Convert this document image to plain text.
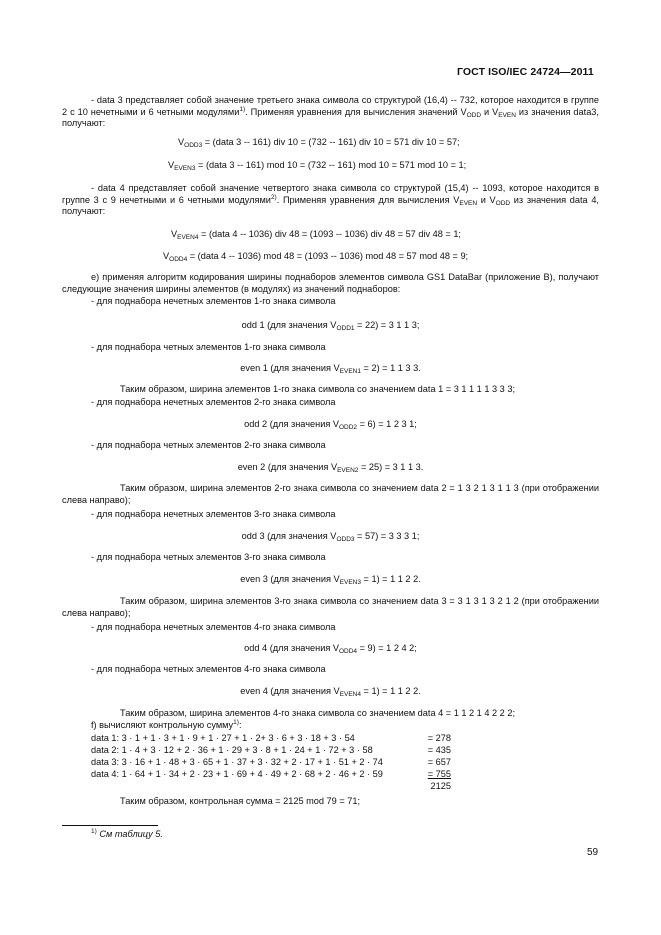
ГОСТ ISO/IEC 24724—2011
- data 3 представляет собой значение третьего знака символа со структурой (16,4) -- 732, которое находится в группе 2 с 10 нечетными и 6 четными модулями$^{1)}$. Применяя уравнения для вычисления значений $V_{ODD}$ и $V_{EVEN}$ из значения data3, получают:
$V_{ODD3}$ = (data 3 -- 161) div 10 = (732 -- 161) div 10 = 571 div 10 = 57;
$V_{EVEN3}$ = (data 3 -- 161) mod 10 = (732 -- 161) mod 10 = 571 mod 10 = 1;
- data 4 представляет собой значение четвертого знака символа со структурой (15,4) -- 1093, которое находится в группе 3 с 9 нечетными и 6 четными модулями$^{2)}$. Применяя уравнения для вычисления $V_{EVEN}$ и $V_{ODD}$ из значения data 4, получают:
$V_{EVEN4}$ = (data 4 -- 1036) div 48 = (1093 -- 1036) div 48 = 57 div 48 = 1;
$V_{ODD4}$ = (data 4 -- 1036) mod 48 = (1093 -- 1036) mod 48 = 57 mod 48 = 9;
е) применяя алгоритм кодирования ширины поднаборов элементов символа GS1 DataBar (приложение В), получают следующие значения ширины элементов (в модулях) из значений поднаборов:
- для поднабора нечетных элементов 1-го знака символа
odd 1 (для значения $V_{ODD1} = 22) = 3$ 1 1 3;
- для поднабора четных элементов 1-го знака символа
even 1 (для значения $V_{EVEN1} = 2) = 1$ 1 3 3.
Таким образом, ширина элементов 1-го знака символа со значением data 1 = 3 1 1 1 1 3 3 3;
- для поднабора нечетных элементов 2-го знака символа
odd 2 (для значения $V_{ODD2} = 6) = 1$ 2 3 1;
- для поднабора четных элементов 2-го знака символа
even 2 (для значения $V_{EVEN2} = 25) = 3$ 1 1 3.
Таким образом, ширина элементов 2-го знака символа со значением data 2 = 1 3 2 1 3 1 1 3 (при отображении слева направо);
- для поднабора нечетных элементов 3-го знака символа
odd 3 (для значения $V_{ODD3} = 57) = 3$ 3 3 1;
- для поднабора четных элементов 3-го знака символа
even 3 (для значения $V_{EVEN3} = 1) = 1$ 1 2 2.
Таким образом, ширина элементов 3-го знака символа со значением data 3 = 3 1 3 1 3 2 1 2 (при отображении слева направо);
- для поднабора нечетных элементов 4-го знака символа
odd 4 (для значения $V_{ODD4} = 9) = 1$ 2 4 2;
- для поднабора четных элементов 4-го знака символа
even 4 (для значения $V_{EVEN4} = 1) = 1$ 1 2 2.
Таким образом, ширина элементов 4-го знака символа со значением data 4 = 1 1 2 1 4 2 2 2;
f) вычисляют контрольную сумму$^{1)}$:
data 1: 3 · 1 + 1 · 3 + 1 · 9 + 1 · 27 + 1 · 2+ 3 · 6 + 3 · 18 + 3 · 54	= 278
data 2: 1 · 4 + 3 · 12 + 2 · 36 + 1 · 29 + 3 · 8 + 1 · 24 + 1 · 72 + 3 · 58	= 435
data 3: 3 · 16 + 1 · 48 + 3 · 65 + 1 · 37 + 3 · 32 + 2 · 17 + 1 · 51 + 2 · 74	= 657
data 4: 1 · 64 + 1 · 34 + 2 · 23 + 1 · 69 + 4 · 49 + 2 · 68 + 2 · 46 + 2 · 59	= 755
2125
Таким образом, контрольная сумма = 2125 mod 79 = 71;
$^{1)}$ См таблицу 5.
59
